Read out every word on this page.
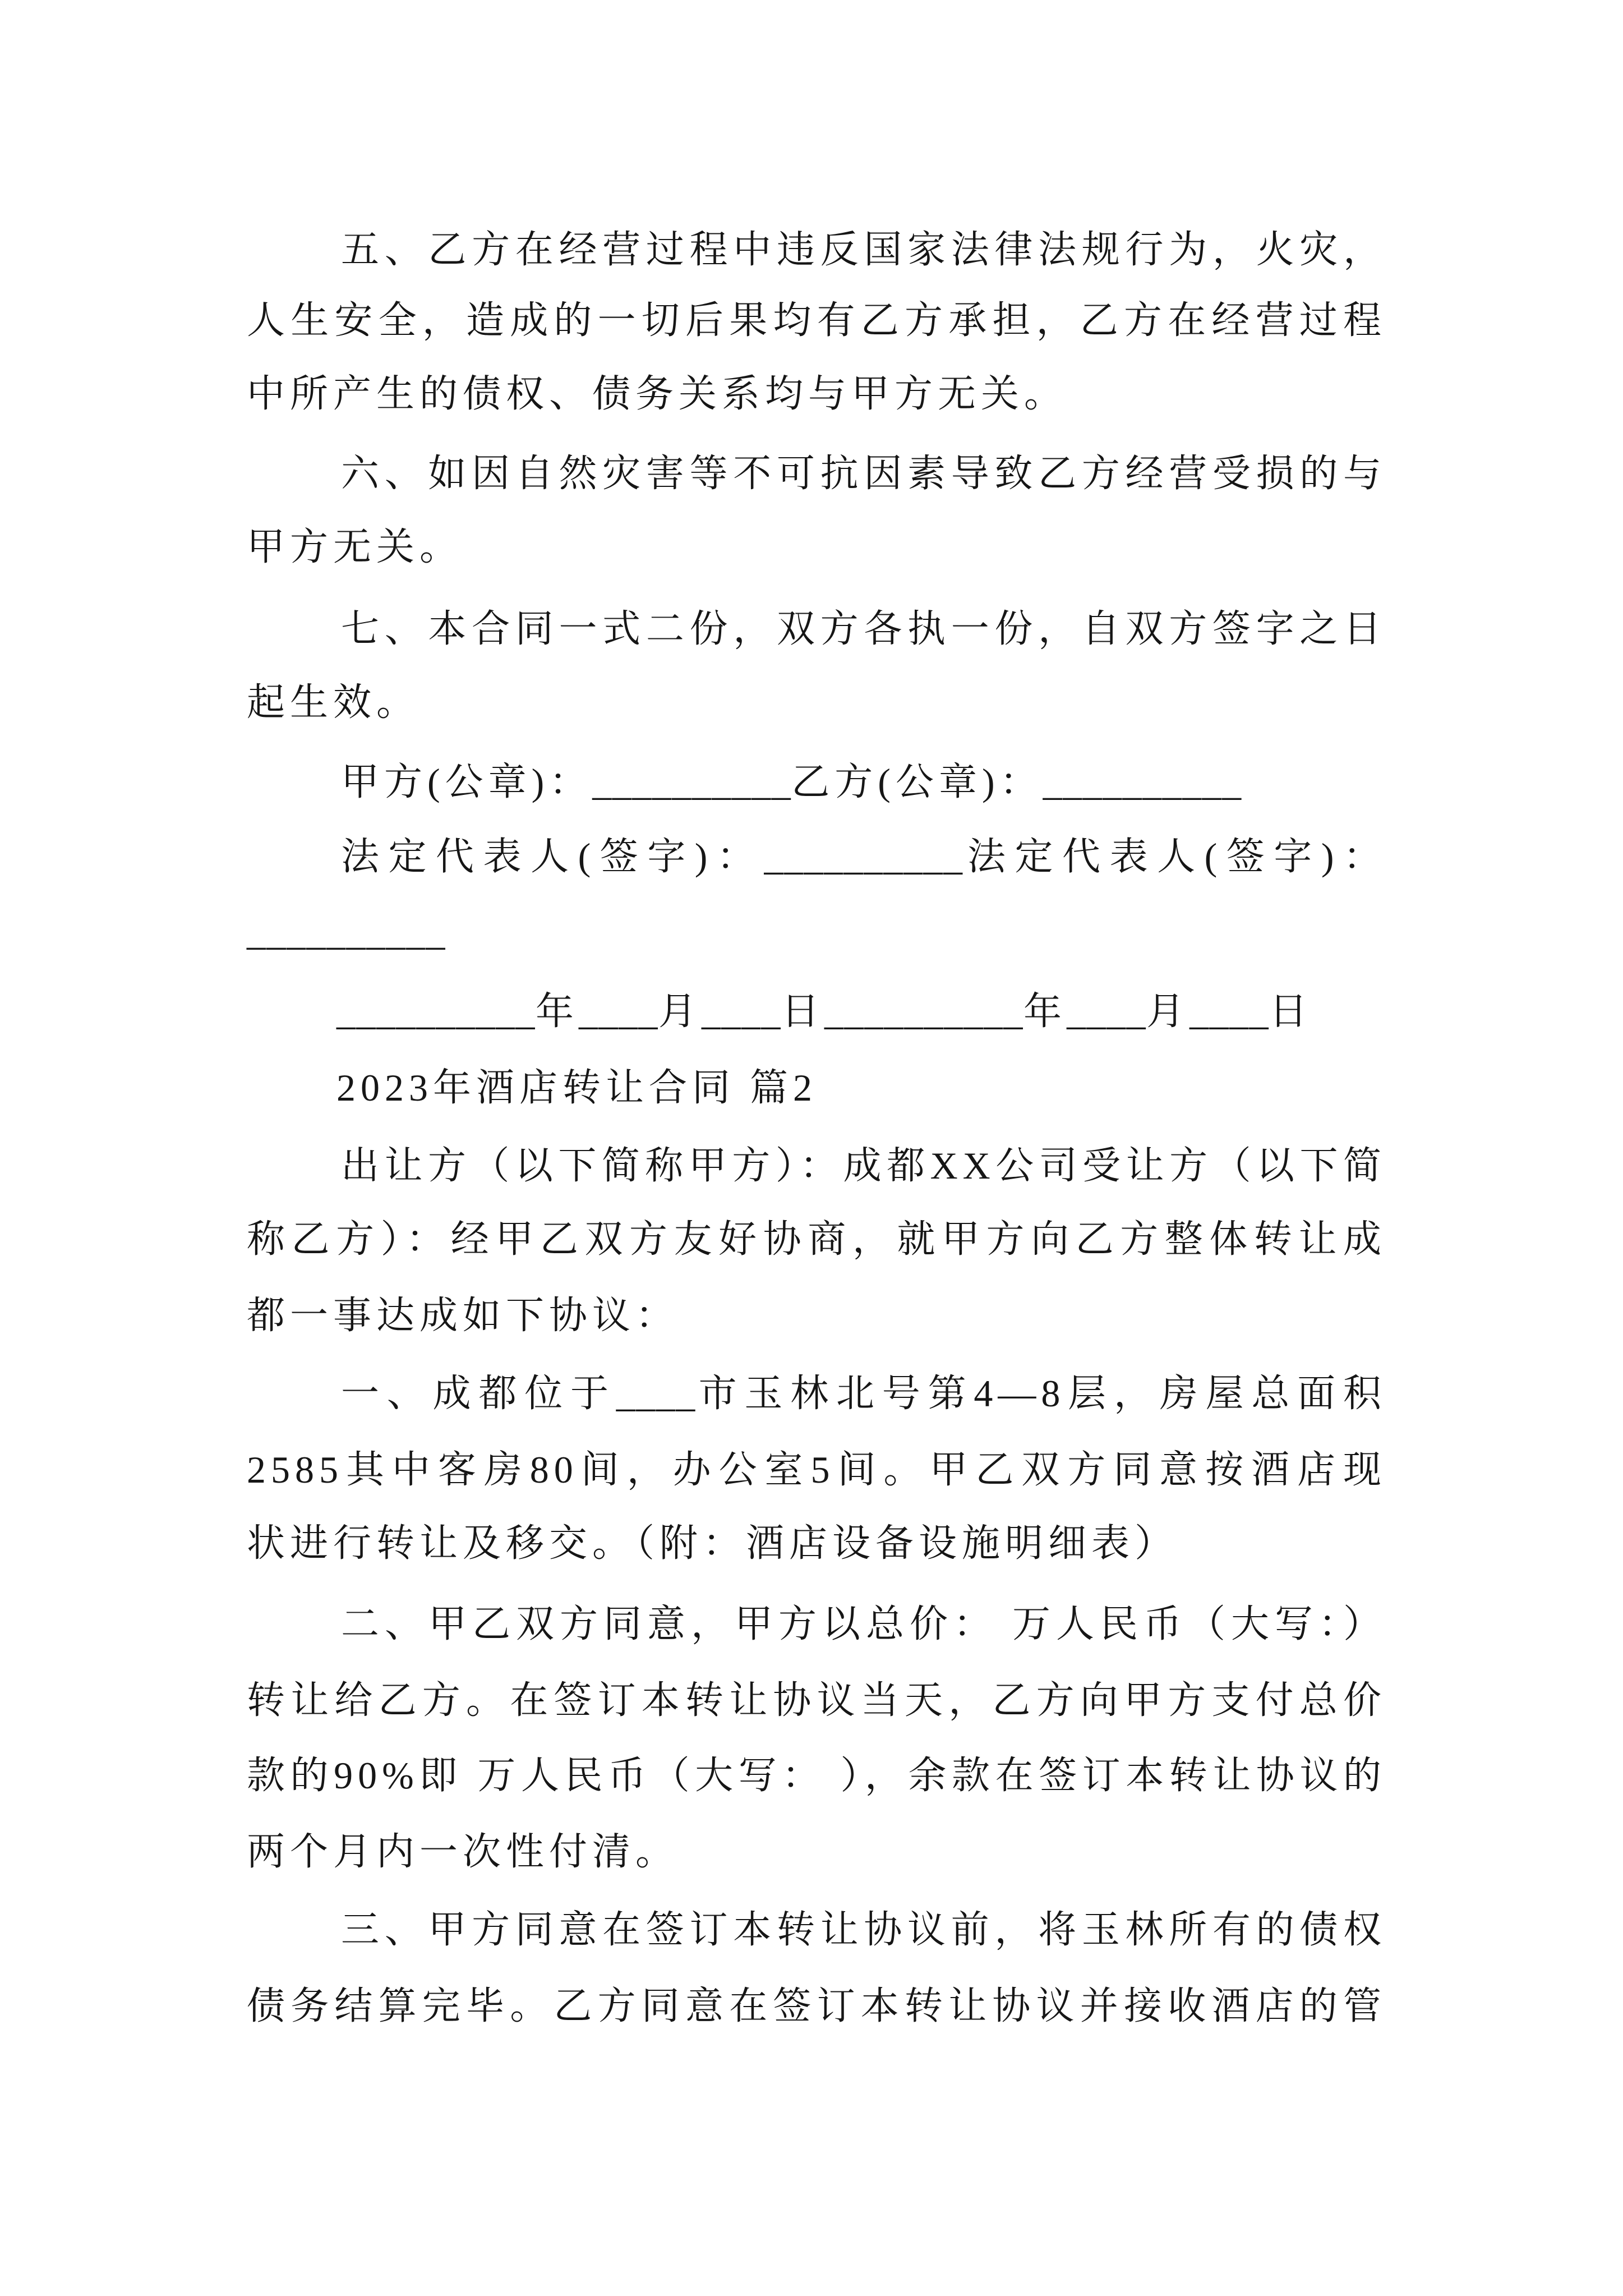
五、乙方在经营过程中违反国家法律法规行为，火灾，
人生安全，造成的一切后果均有乙方承担，乙方在经营过程
中所产生的债权、债务关系均与甲方无关。
六、如因自然灾害等不可抗因素导致乙方经营受损的与
甲方无关。
七、本合同一式二份，双方各执一份，自双方签字之日
起生效。
甲方(公章)：__________乙方(公章)：__________
法定代表人(签字)：__________法定代表人(签字)：
__________
__________年____月____日__________年____月____日
2023年酒店转让合同 篇2
出让方（以下简称甲方）：成都XX公司受让方（以下简
称乙方）：经甲乙双方友好协商，就甲方向乙方整体转让成
都一事达成如下协议：
一、成都位于____市玉林北号第4—8层，房屋总面积
2585其中客房80间，办公室5间。甲乙双方同意按酒店现
状进行转让及移交。（附：酒店设备设施明细表）
二、甲乙双方同意，甲方以总价： 万人民币（大写：）
转让给乙方。在签订本转让协议当天，乙方向甲方支付总价
款的90%即 万人民币（大写： ），余款在签订本转让协议的
两个月内一次性付清。
三、甲方同意在签订本转让协议前，将玉林所有的债权
债务结算完毕。乙方同意在签订本转让协议并接收酒店的管
